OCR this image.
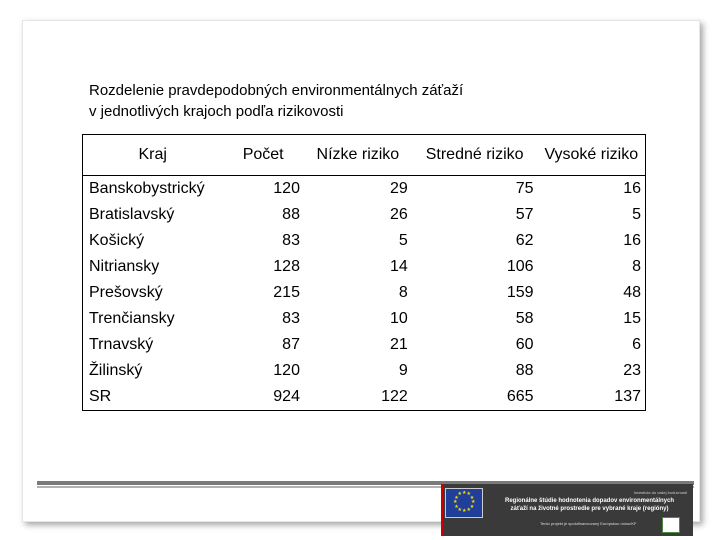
Rozdelenie pravdepodobných environmentálnych záťaží
v jednotlivých krajoch podľa rizikovosti
Kraj	Počet	Nízke riziko	Stredné riziko	Vysoké riziko
Banskobystrický	120	29	75	16
Bratislavský	88	26	57	5
Košický	83	5	62	16
Nitriansky	128	14	106	8
Prešovský	215	8	159	48
Trenčiansky	83	10	58	15
Trnavský	87	21	60	6
Žilinský	120	9	88	23
SR	924	122	665	137
★
★
★
★
★
★
★
★
★ ★ ★
★
Investícia do vašej budúcnosti
Regionálne štúdie hodnotenia dopadov environmentálnych
záťaží na životné prostredie pre vybrané kraje (regióny)
Tento projekt je spolufinancovaný Európskou úniou/KF
